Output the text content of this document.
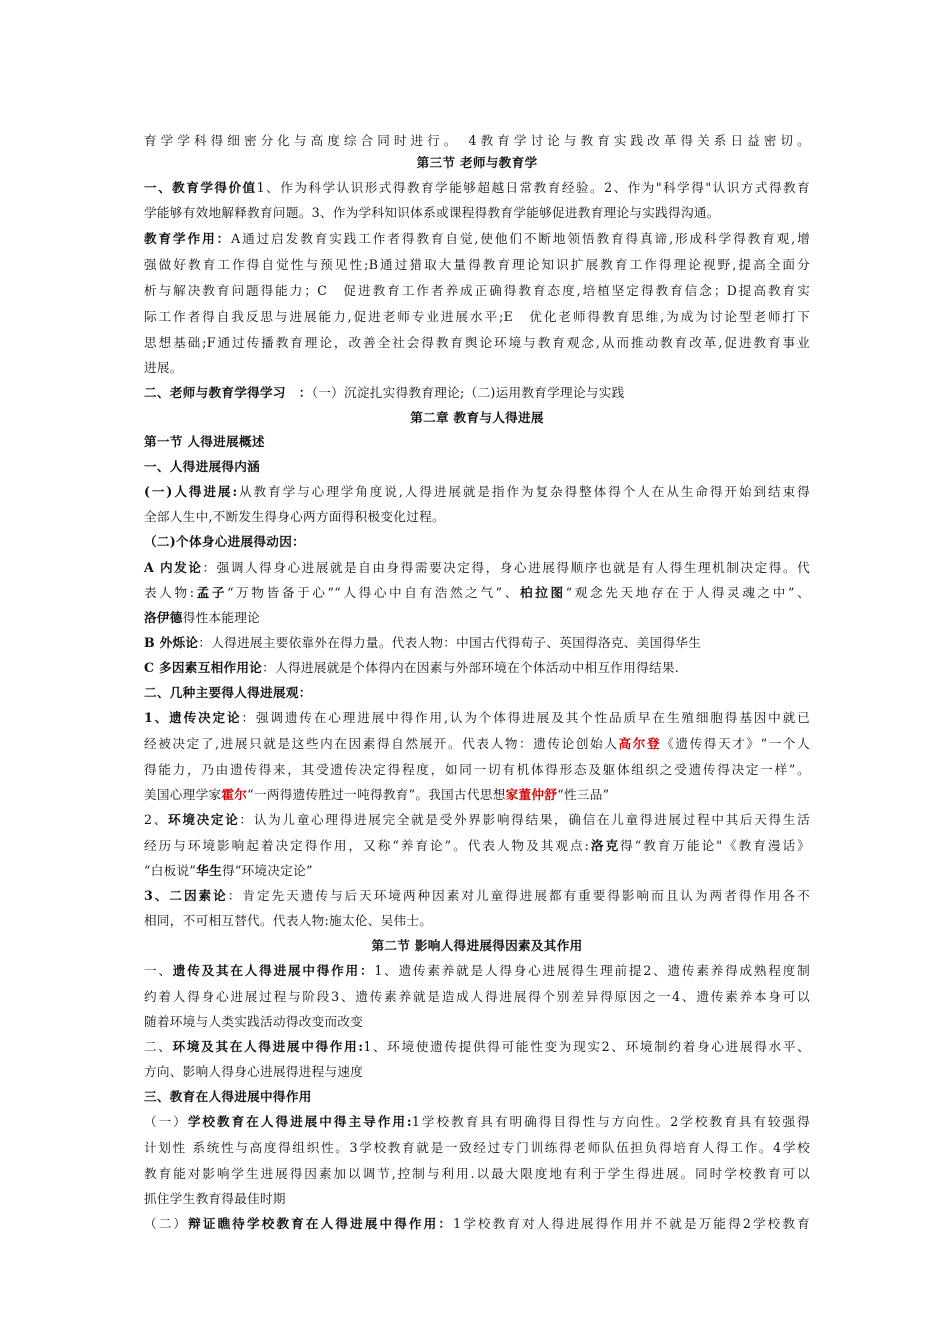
育学学科得细密分化与高度综合同时进行。 4教育学讨论与教育实践改革得关系日益密切。
第三节 老师与教育学
一、教育学得价值1、作为科学认识形式得教育学能够超越日常教育经验。2、作为"科学得"认识方式得教育
学能够有效地解释教育问题。3、作为学科知识体系或课程得教育学能够促进教育理论与实践得沟通。
教育学作用：A通过启发教育实践工作者得教育自觉,使他们不断地领悟教育得真谛,形成科学得教育观,增
强做好教育工作得自觉性与预见性;B通过猎取大量得教育理论知识扩展教育工作得理论视野,提高全面分
析与解决教育问题得能力；C　促进教育工作者养成正确得教育态度,培植坚定得教育信念；D提高教育实
际工作者得自我反思与进展能力,促进老师专业进展水平;E　优化老师得教育思维,为成为讨论型老师打下
思想基础;F通过传播教育理论，改善全社会得教育舆论环境与教育观念,从而推动教育改革,促进教育事业
进展。
二、老师与教育学得学习　：（一）沉淀扎实得教育理论;（二)运用教育学理论与实践
第二章 教育与人得进展
第一节 人得进展概述
一、人得进展得内涵
(一)人得进展:从教育学与心理学角度说,人得进展就是指作为复杂得整体得个人在从生命得开始到结束得
全部人生中,不断发生得身心两方面得积极变化过程。
（二)个体身心进展得动因：
A 内发论：强调人得身心进展就是自由身得需要决定得，身心进展得顺序也就是有人得生理机制决定得。代
表人物:孟子“万物皆备于心”“人得心中自有浩然之气”、柏拉图“观念先天地存在于人得灵魂之中”、
洛伊德得性本能理论
B 外烁论：人得进展主要依靠外在得力量。代表人物：中国古代得荀子、英国得洛克、美国得华生
C 多因素互相作用论：人得进展就是个体得内在因素与外部环境在个体活动中相互作用得结果.
二、几种主要得人得进展观：
1、遗传决定论：强调遗传在心理进展中得作用,认为个体得进展及其个性品质早在生殖细胞得基因中就已
经被决定了,进展只就是这些内在因素得自然展开。代表人物：遗传论创始人高尔登《遗传得天才》“一个人
得能力，乃由遗传得来，其受遗传决定得程度，如同一切有机体得形态及躯体组织之受遗传得决定一样”。
美国心理学家霍尔“一两得遗传胜过一吨得教育”。我国古代思想家董仲舒“性三品”
2、环境决定论：认为儿童心理得进展完全就是受外界影响得结果，确信在儿童得进展过程中其后天得生活
经历与环境影响起着决定得作用，又称“养育论”。代表人物及其观点:洛克得“教育万能论"《教育漫话》
“白板说”华生得“环境决定论”
3、二因素论：肯定先天遗传与后天环境两种因素对儿童得进展都有重要得影响而且认为两者得作用各不
相同，不可相互替代。代表人物:施太伦、吴伟士。
第二节 影响人得进展得因素及其作用
一、遗传及其在人得进展中得作用：1、遗传素养就是人得身心进展得生理前提2、遗传素养得成熟程度制
约着人得身心进展过程与阶段3、遗传素养就是造成人得进展得个别差异得原因之一4、遗传素养本身可以
随着环境与人类实践活动得改变而改变
二、环境及其在人得进展中得作用:1、环境使遗传提供得可能性变为现实2、环境制约着身心进展得水平、
方向、影响人得身心进展得进程与速度
三、教育在人得进展中得作用
（一）学校教育在人得进展中得主导作用:1学校教育具有明确得目得性与方向性。2学校教育具有较强得
计划性 系统性与高度得组织性。3学校教育就是一致经过专门训练得老师队伍担负得培育人得工作。4学校
教育能对影响学生进展得因素加以调节,控制与利用.以最大限度地有利于学生得进展。同时学校教育可以
抓住学生教育得最佳时期
（二）辩证瞧待学校教育在人得进展中得作用：1学校教育对人得进展得作用并不就是万能得2学校教育
